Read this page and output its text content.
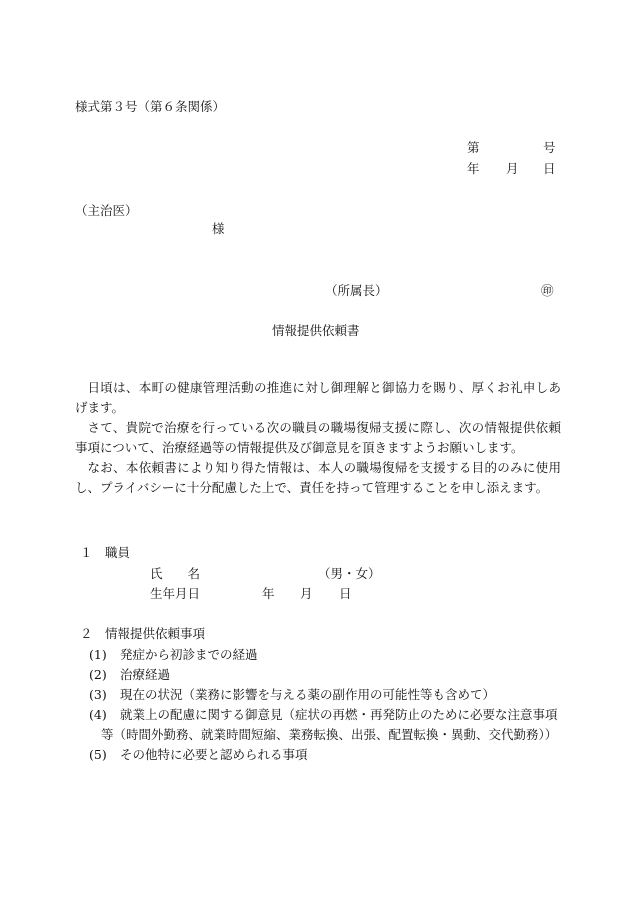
様式第３号（第６条関係）
第	号
年 月 日
（主治医）
様
（所属長）	㊞
情報提供依頼書
日頃は、本町の健康管理活動の推進に対し御理解と御協力を賜り、厚くお礼申しあげます。
さて、貴院で治療を行っている次の職員の職場復帰支援に際し、次の情報提供依頼事項について、治療経過等の情報提供及び御意見を頂きますようお願いします。
なお、本依頼書により知り得た情報は、本人の職場復帰を支援する目的のみに使用し、プライバシーに十分配慮した上で、責任を持って管理することを申し添えます。
１　職員
氏　　名	（男・女）
生年月日	年 月 日
２　情報提供依頼事項
(1) 発症から初診までの経過
(2) 治療経過
(3) 現在の状況（業務に影響を与える薬の副作用の可能性等も含めて）
(4) 就業上の配慮に関する御意見（症状の再燃・再発防止のために必要な注意事項
等（時間外勤務、就業時間短縮、業務転換、出張、配置転換・異動、交代勤務））
(5) その他特に必要と認められる事項
